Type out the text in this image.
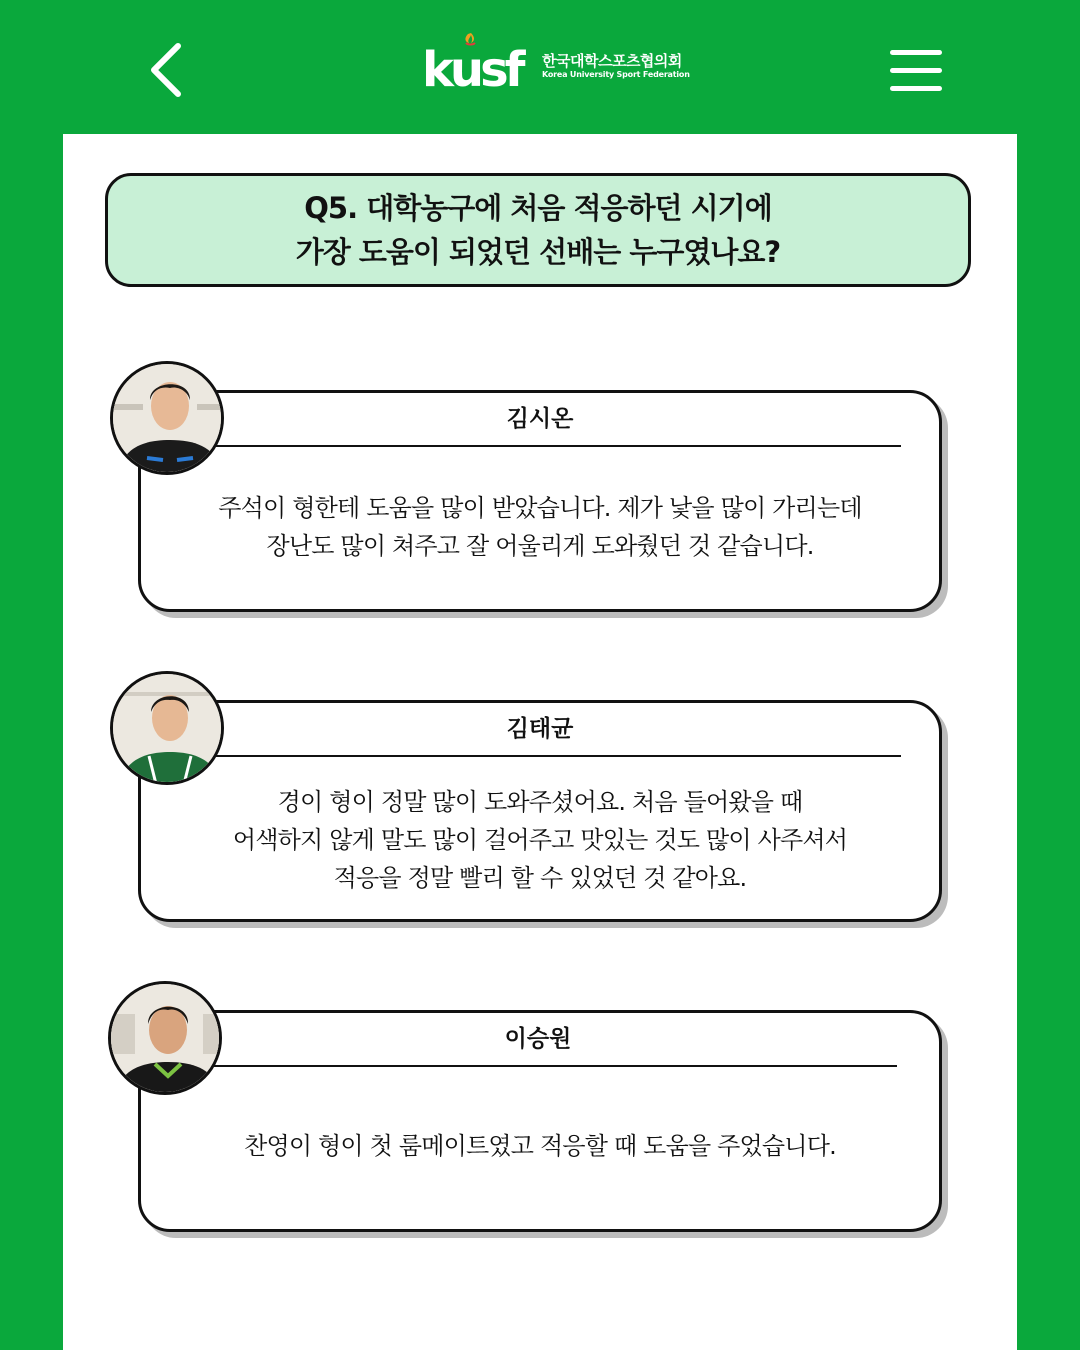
kusf	한국대학스포츠협의회
Korea University Sport Federation
Q5. 대학농구에 처음 적응하던 시기에
가장 도움이 되었던 선배는 누구였나요?
김시온
주석이 형한테 도움을 많이 받았습니다. 제가 낯을 많이 가리는데
장난도 많이 쳐주고 잘 어울리게 도와줬던 것 같습니다.
김태균
경이 형이 정말 많이 도와주셨어요. 처음 들어왔을 때
어색하지 않게 말도 많이 걸어주고 맛있는 것도 많이 사주셔서
적응을 정말 빨리 할 수 있었던 것 같아요.
이승원
찬영이 형이 첫 룸메이트였고 적응할 때 도움을 주었습니다.
